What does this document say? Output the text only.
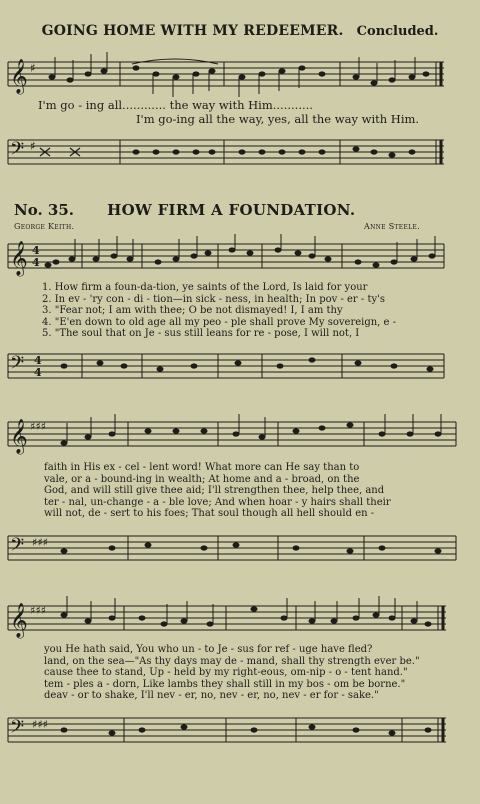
GOING HOME WITH MY REDEEMER. Concluded.
𝄞 ♯
I'm go - ing all............ the way with Him...........
I'm go-ing all the way, yes, all the way with Him.
𝄢 ♯
No. 35. HOW FIRM A FOUNDATION.
George Keith.	Anne Steele.
𝄞 4
4
1. How firm a foun-da-tion, ye saints of the Lord, Is laid for your
2. In ev - 'ry con - di - tion—in sick - ness, in health; In pov - er - ty's
3. "Fear not; I am with thee; O be not dismayed! I, I am thy
4. "E'en down to old age all my peo - ple shall prove My sovereign, e -
5. "The soul that on Je - sus still leans for re - pose, I will not, I
𝄢 4
4
𝄞 ♯♯♯
faith in His ex - cel - lent word! What more can He say than to
vale, or a - bound-ing in wealth; At home and a - broad, on the
God, and will still give thee aid; I'll strengthen thee, help thee, and
ter - nal, un-change - a - ble love; And when hoar - y hairs shall their
will not, de - sert to his foes; That soul though all hell should en -
𝄢 ♯♯♯
𝄞 ♯♯♯
you He hath said, You who un - to Je - sus for ref - uge have fled?
land, on the sea—"As thy days may de - mand, shall thy strength ever be."
cause thee to stand, Up - held by my right-eous, om-nip - o - tent hand."
tem - ples a - dorn, Like lambs they shall still in my bos - om be borne."
deav - or to shake, I'll nev - er, no, nev - er, no, nev - er for - sake."
𝄢 ♯♯♯
